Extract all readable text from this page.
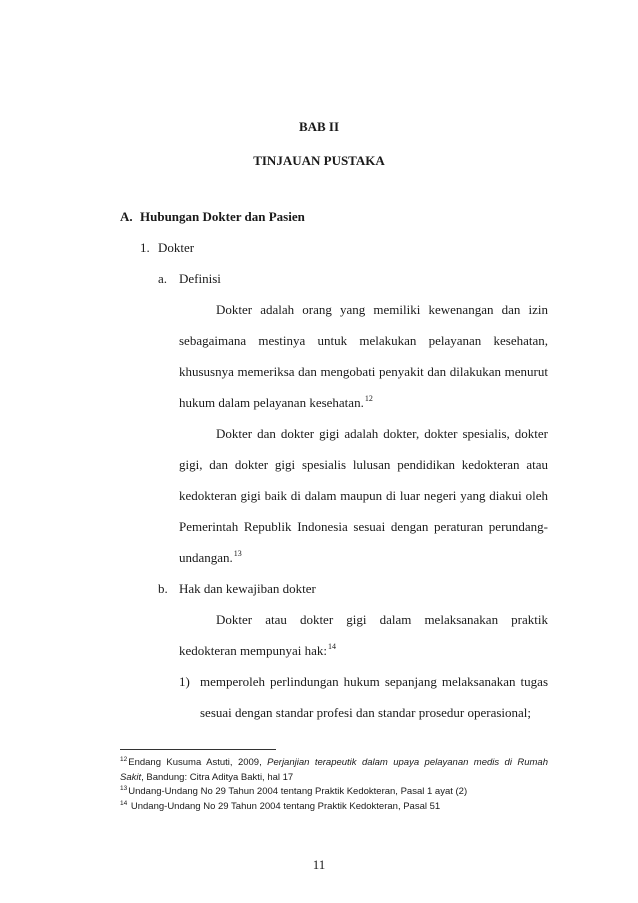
BAB II
TINJAUAN PUSTAKA
A. Hubungan Dokter dan Pasien
1. Dokter
a. Definisi
Dokter adalah orang yang memiliki kewenangan dan izin
sebagaimana mestinya untuk melakukan pelayanan kesehatan,
khususnya memeriksa dan mengobati penyakit dan dilakukan menurut
hukum dalam pelayanan kesehatan.$^{12}$
Dokter dan dokter gigi adalah dokter, dokter spesialis, dokter
gigi, dan dokter gigi spesialis lulusan pendidikan kedokteran atau
kedokteran gigi baik di dalam maupun di luar negeri yang diakui oleh
Pemerintah Republik Indonesia sesuai dengan peraturan perundang-
undangan.$^{13}$
b. Hak dan kewajiban dokter
Dokter atau dokter gigi dalam melaksanakan praktik
kedokteran mempunyai hak:$^{14}$
1) memperoleh perlindungan hukum sepanjang melaksanakan tugas
sesuai dengan standar profesi dan standar prosedur operasional;
$^{12}$Endang Kusuma Astuti, 2009, Perjanjian terapeutik dalam upaya pelayanan medis di Rumah
Sakit, Bandung: Citra Aditya Bakti, hal 17
$^{13}$Undang-Undang No 29 Tahun 2004 tentang Praktik Kedokteran, Pasal 1 ayat (2)
$^{14}$ Undang-Undang No 29 Tahun 2004 tentang Praktik Kedokteran, Pasal 51
11
